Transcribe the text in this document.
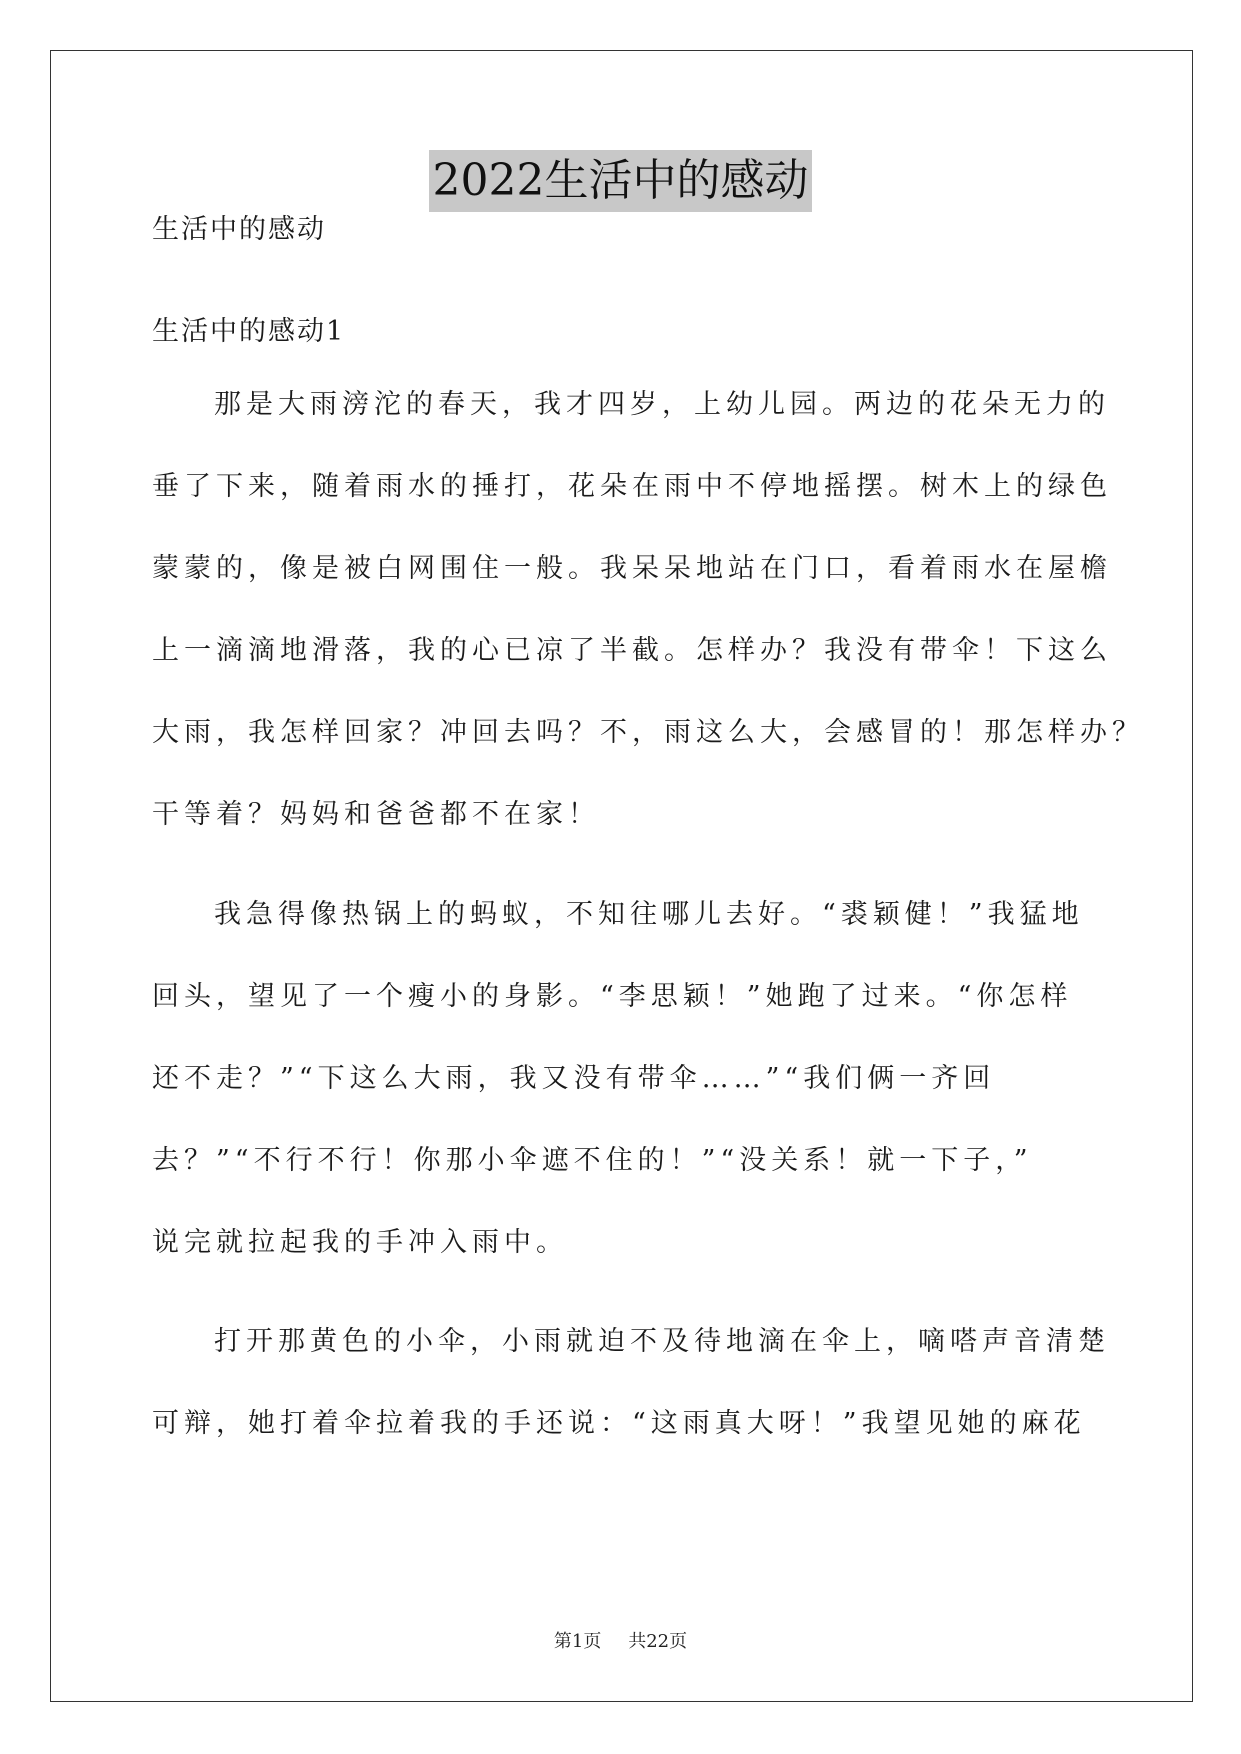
2022生活中的感动
生活中的感动
生活中的感动1
那是大雨滂沱的春天，我才四岁，上幼儿园。两边的花朵无力的
垂了下来，随着雨水的捶打，花朵在雨中不停地摇摆。树木上的绿色
蒙蒙的，像是被白网围住一般。我呆呆地站在门口，看着雨水在屋檐
上一滴滴地滑落，我的心已凉了半截。怎样办？我没有带伞！下这么
大雨，我怎样回家？冲回去吗？不，雨这么大，会感冒的！那怎样办？
干等着？妈妈和爸爸都不在家！
我急得像热锅上的蚂蚁，不知往哪儿去好。“裘颖健！”我猛地
回头，望见了一个瘦小的身影。“李思颖！”她跑了过来。“你怎样
还不走？”“下这么大雨，我又没有带伞……”“我们俩一齐回
去？”“不行不行！你那小伞遮不住的！”“没关系！就一下子，”
说完就拉起我的手冲入雨中。
打开那黄色的小伞，小雨就迫不及待地滴在伞上，嘀嗒声音清楚
可辩，她打着伞拉着我的手还说：“这雨真大呀！”我望见她的麻花
第1页 共22页
